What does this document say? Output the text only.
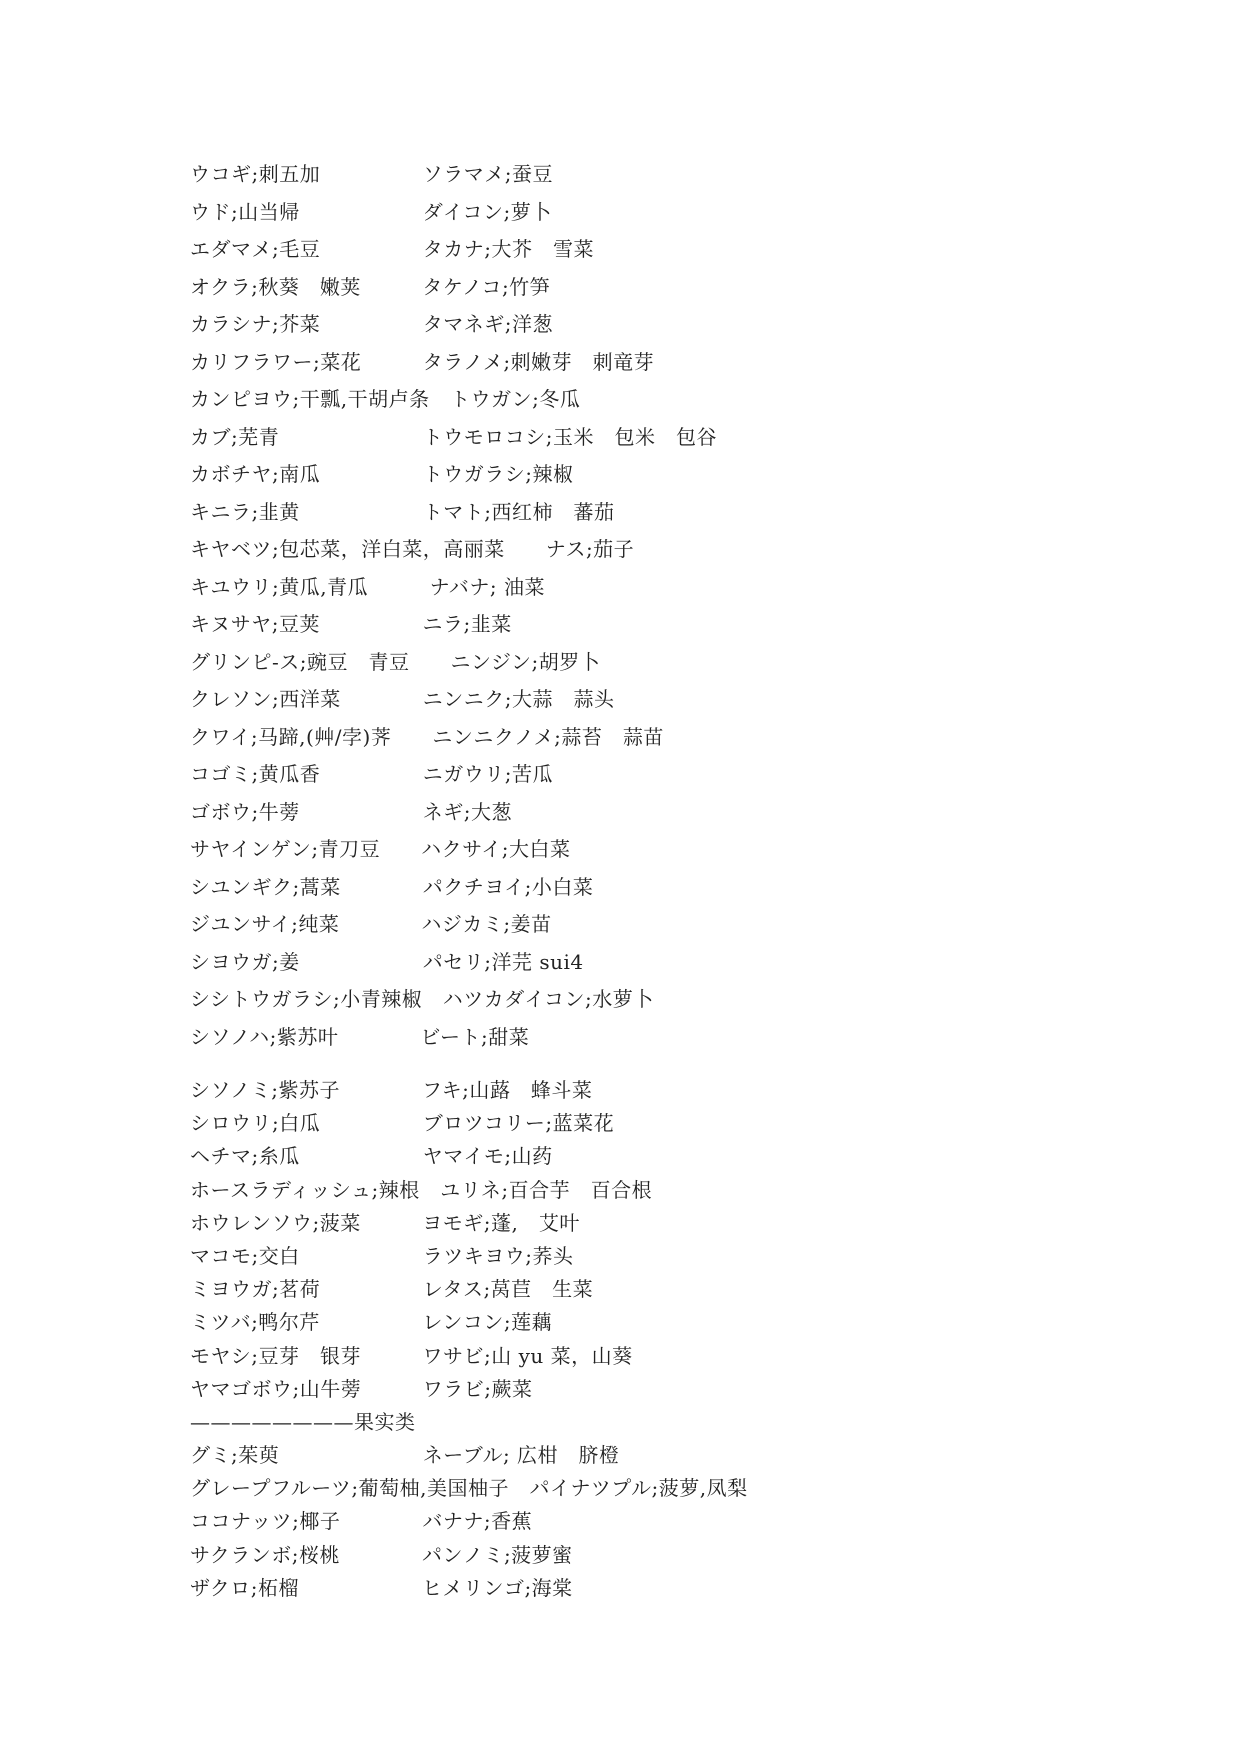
ウコギ;刺五加　　　　　ソラマメ;蚕豆
ウド;山当帰　　　　　　ダイコン;萝卜
エダマメ;毛豆　　　　　タカナ;大芥　雪菜
オクラ;秋葵　嫩荚　　　タケノコ;竹笋
カラシナ;芥菜　　　　　タマネギ;洋葱
カリフラワー;菜花　　　タラノメ;刺嫩芽　刺竜芽
カンピヨウ;干瓢,干胡卢条　トウガン;冬瓜
カブ;芜青　　　　　　　トウモロコシ;玉米　包米　包谷
カボチヤ;南瓜　　　　　トウガラシ;辣椒
キニラ;韭黄　　　　　　トマト;西红柿　蕃茄
キヤベツ;包芯菜，洋白菜，高丽菜　　ナス;茄子
キユウリ;黄瓜,青瓜　　　ナバナ; 油菜
キヌサヤ;豆荚　　　　　ニラ;韭菜
グリンピ-ス;豌豆　青豆　　ニンジン;胡罗卜
クレソン;西洋菜　　　　ニンニク;大蒜　蒜头
クワイ;马蹄,(艸/孛)荠　　ニンニクノメ;蒜苔　蒜苗
コゴミ;黄瓜香　　　　　ニガウリ;苦瓜
ゴボウ;牛蒡　　　　　　ネギ;大葱
サヤインゲン;青刀豆　　ハクサイ;大白菜
シユンギク;蒿菜　　　　パクチヨイ;小白菜
ジユンサイ;纯菜　　　　ハジカミ;姜苗
シヨウガ;姜　　　　　　パセリ;洋芫 sui4
シシトウガラシ;小青辣椒　ハツカダイコン;水萝卜
シソノハ;紫苏叶　　　　ビート;甜菜
シソノミ;紫苏子　　　　フキ;山蕗　蜂斗菜
シロウリ;白瓜　　　　　ブロツコリー;蓝菜花
ヘチマ;糸瓜　　　　　　ヤマイモ;山药
ホースラディッシュ;辣根　ユリネ;百合芋　百合根
ホウレンソウ;菠菜　　　ヨモギ;蓬,　艾叶
マコモ;交白　　　　　　ラツキヨウ;荞头
ミヨウガ;茗荷　　　　　レタス;莴苣　生菜
ミツバ;鸭尔芹　　　　　レンコン;莲藕
モヤシ;豆芽　银芽　　　ワサビ;山 yu 菜，山葵
ヤマゴボウ;山牛蒡　　　ワラビ;蕨菜
————————果实类
グミ;茱萸　　　　　　　ネーブル; 広柑　脐橙
グレープフルーツ;葡萄柚,美国柚子　パイナツプル;菠萝,凤梨
ココナッツ;椰子　　　　バナナ;香蕉
サクランボ;桜桃　　　　パンノミ;菠萝蜜
ザクロ;柘榴　　　　　　ヒメリンゴ;海棠
